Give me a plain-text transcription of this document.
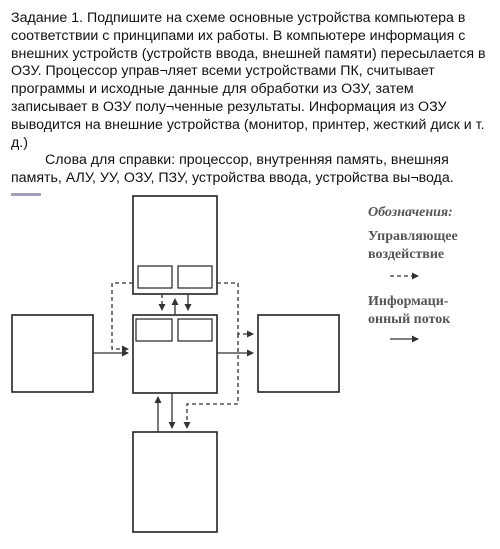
Задание 1. Подпишите на схеме основные устройства компьютера в соответствии с принципами их работы. В компьютере информация с внешних устройств (устройств ввода, внешней памяти) пересылается в ОЗУ. Процессор управ¬ляет всеми устройствами ПК, считывает программы и исходные данные для обработки из ОЗУ, затем записывает в ОЗУ полу¬ченные результаты. Информация из ОЗУ выводится на внешние устройства (монитор, принтер, жесткий диск и т. д.)

Слова для справки: процессор, внутренняя память, внешняя память, АЛУ, УУ, ОЗУ, ПЗУ, устройства ввода, устройства вы¬вода.

Обозначения:
Управляющее
воздействие
Информаци-
онный поток
